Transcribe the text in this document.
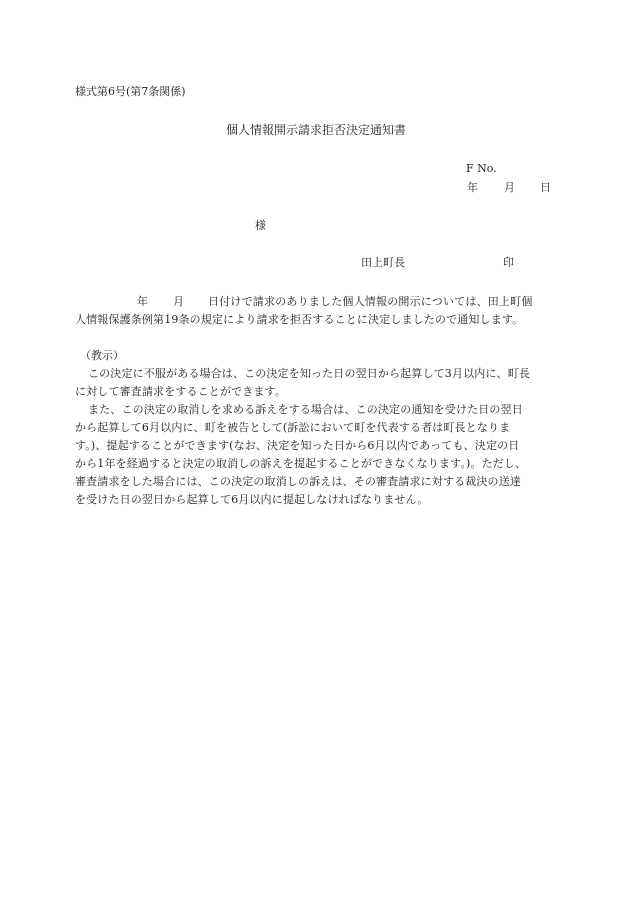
様式第6号(第7条関係)
個人情報開示請求拒否決定通知書
F No.
年 月 日
様
田上町長	印
年 月 日付けで請求のありました個人情報の開示については、田上町個
人情報保護条例第19条の規定により請求を拒否することに決定しましたので通知します。
（教示）
この決定に不服がある場合は、この決定を知った日の翌日から起算して3月以内に、町長
に対して審査請求をすることができます。
また、この決定の取消しを求める訴えをする場合は、この決定の通知を受けた日の翌日
から起算して6月以内に、町を被告として(訴訟において町を代表する者は町長となりま
す。)、提起することができます(なお、決定を知った日から6月以内であっても、決定の日
から1年を経過すると決定の取消しの訴えを提起することができなくなります。)。ただし、
審査請求をした場合には、この決定の取消しの訴えは、その審査請求に対する裁決の送達
を受けた日の翌日から起算して6月以内に提起しなければなりません。
